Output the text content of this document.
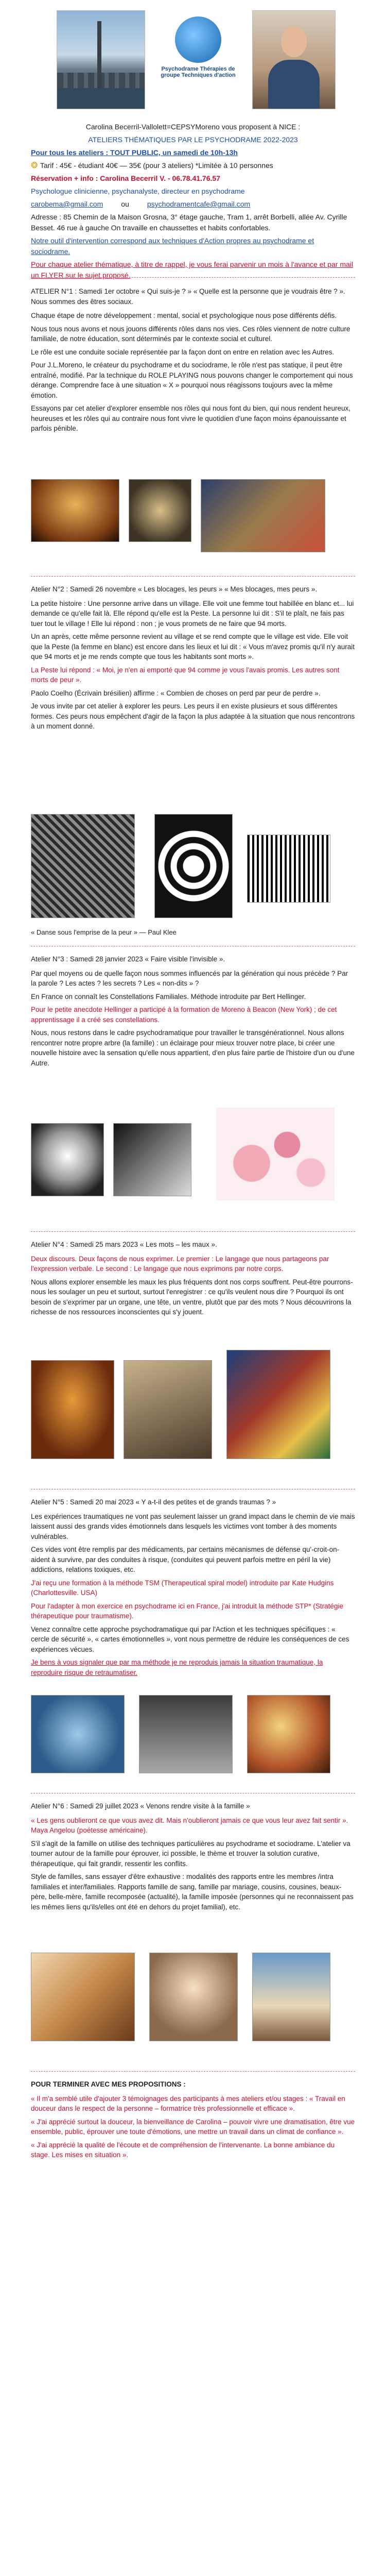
Psychodrame Thérapies de groupe Techniques d'action

Carolina Becerril-Vallolett=CEPSYMoreno vous proposent à NICE :

ATELIERS THÉMATIQUES PAR LE PSYCHODRAME 2022-2023

Pour tous les ateliers : TOUT PUBLIC, un samedi de 10h-13h

❂ Tarif : 45€ - étudiant 40€ — 35€ (pour 3 ateliers) *Limitée à 10 personnes

Réservation + info : Carolina Becerril V. - 06.78.41.76.57

Psychologue clinicienne, psychanalyste, directeur en psychodrame

carobema@gmail.com	ou	psychodramentcafe@gmail.com

Adresse : 85 Chemin de la Maison Grosna, 3° étage gauche, Tram 1, arrêt Borbelli, allée Av. Cyrille Besset. 46 rue à gauche On travaille en chaussettes et habits confortables.

Notre outil d'intervention correspond aux techniques d'Action propres au psychodrame et sociodrame.

Pour chaque atelier thématique, à titre de rappel, je vous ferai parvenir un mois à l'avance et par mail un FLYER sur le sujet proposé.

ATELIER N°1 : Samedi 1er octobre « Qui suis-je ? » « Quelle est la personne que je voudrais être ? ». Nous sommes des êtres sociaux.

Chaque étape de notre développement : mental, social et psychologique nous pose différents défis.

Nous tous nous avons et nous jouons différents rôles dans nos vies. Ces rôles viennent de notre culture familiale, de notre éducation, sont déterminés par le contexte social et culturel.

Le rôle est une conduite sociale représentée par la façon dont on entre en relation avec les Autres.

Pour J.L.Moreno, le créateur du psychodrame et du sociodrame, le rôle n'est pas statique, il peut être entraîné, modifié. Par la technique du ROLE PLAYING nous pouvons changer le comportement qui nous dérange. Comprendre face à une situation « X » pourquoi nous réagissons toujours avec la même émotion.

Essayons par cet atelier d'explorer ensemble nos rôles qui nous font du bien, qui nous rendent heureux, heureuses et les rôles qui au contraire nous font vivre le quotidien d'une façon moins épanouissante et parfois pénible.

Atelier N°2 : Samedi 26 novembre « Les blocages, les peurs » « Mes blocages, mes peurs ».

La petite histoire : Une personne arrive dans un village. Elle voit une femme tout habillée en blanc et... lui demande ce qu'elle fait là. Elle répond qu'elle est la Peste. La personne lui dit : S'il te plaît, ne fais pas tuer tout le village ! Elle lui répond : non ; je vous promets de ne faire que 94 morts.

Un an après, cette même personne revient au village et se rend compte que le village est vide. Elle voit que la Peste (la femme en blanc) est encore dans les lieux et lui dit : « Vous m'avez promis qu'il n'y aurait que 94 morts et je me rends compte que tous les habitants sont morts ».

La Peste lui répond : « Moi, je n'en ai emporté que 94 comme je vous l'avais promis. Les autres sont morts de peur ».

Paolo Coelho (Écrivain brésilien) affirme : « Combien de choses on perd par peur de perdre ».

Je vous invite par cet atelier à explorer les peurs. Les peurs il en existe plusieurs et sous différentes formes. Ces peurs nous empêchent d'agir de la façon la plus adaptée à la situation que nous rencontrons à un moment donné.

« Danse sous l'emprise de la peur » — Paul Klee

Atelier N°3 : Samedi 28 janvier 2023 « Faire visible l'invisible ».

Par quel moyens ou de quelle façon nous sommes influencés par la génération qui nous précède ? Par la parole ? Les actes ? les secrets ? Les « non-dits » ?

En France on connaît les Constellations Familiales. Méthode introduite par Bert Hellinger.

Pour le petite anecdote Hellinger a participé à la formation de Moreno à Beacon (New York) ; de cet apprentissage il a créé ses constellations.

Nous, nous restons dans le cadre psychodramatique pour travailler le transgénérationnel. Nous allons rencontrer notre propre arbre (la famille) : un éclairage pour mieux trouver notre place, bi créer une nouvelle histoire avec la sensation qu'elle nous appartient, d'en plus faire partie de l'histoire d'un ou d'une Autre.

Atelier N°4 : Samedi 25 mars 2023 « Les mots – les maux ».

Deux discours. Deux façons de nous exprimer. Le premier : Le langage que nous partageons par l'expression verbale. Le second : Le langage que nous exprimons par notre corps.

Nous allons explorer ensemble les maux les plus fréquents dont nos corps souffrent. Peut-être pourrons-nous les soulager un peu et surtout, surtout l'enregistrer : ce qu'ils veulent nous dire ? Pourquoi ils ont besoin de s'exprimer par un organe, une tête, un ventre, plutôt que par des mots ? Nous découvrirons la richesse de nos ressources inconscientes qui s'y jouent.

Atelier N°5 : Samedi 20 mai 2023 « Y a-t-il des petites et de grands traumas ? »

Les expériences traumatiques ne vont pas seulement laisser un grand impact dans le chemin de vie mais laissent aussi des grands vides émotionnels dans lesquels les victimes vont tomber à des moments vulnérables.

Ces vides vont être remplis par des médicaments, par certains mécanismes de défense qu'-croit-on- aident à survivre, par des conduites à risque, (conduites qui peuvent parfois mettre en péril la vie) addictions, relations toxiques, etc.

J'ai reçu une formation à la méthode TSM (Therapeutical spiral model) introduite par Kate Hudgins (Charlottesville. USA)

Pour l'adapter à mon exercice en psychodrame ici en France, j'ai introduit la méthode STP* (Stratégie thérapeutique pour traumatisme).

Venez connaître cette approche psychodramatique qui par l'Action et les techniques spécifiques : « cercle de sécurité », « cartes émotionnelles », vont nous permettre de réduire les conséquences de ces expériences vécues.

Je bens à vous signaler que par ma méthode je ne reproduis jamais la situation traumatique, la reproduire risque de retraumatiser.

Atelier N°6 : Samedi 29 juillet 2023 « Venons rendre visite à la famille »

« Les gens oublieront ce que vous avez dit. Mais n'oublieront jamais ce que vous leur avez fait sentir ». Maya Angelou (poétesse américaine).

S'il s'agit de la famille on utilise des techniques particulières au psychodrame et sociodrame. L'atelier va tourner autour de la famille pour éprouver, ici possible, le thème et trouver la solution curative, thérapeutique, qui fait grandir, ressentir les conflits.

Style de familles, sans essayer d'être exhaustive : modalités des rapports entre les membres /intra familiales et inter/familiales. Rapports famille de sang, famille par mariage, cousins, cousines, beaux-père, belle-mère, famille recomposée (actualité), la famille imposée (personnes qui ne reconnaissent pas les mêmes liens qu'ils/elles ont été en dehors du projet familial), etc.

POUR TERMINER AVEC MES PROPOSITIONS :

« Il m'a semblé utile d'ajouter 3 témoignages des participants à mes ateliers et/ou stages : « Travail en douceur dans le respect de la personne – formatrice très professionnelle et efficace ».

« J'ai apprécié surtout la douceur, la bienveillance de Carolina – pouvoir vivre une dramatisation, être vue ensemble, public, éprouver une toute d'émotions, une mettre un travail dans un climat de confiance ».

« J'ai apprécié la qualité de l'écoute et de compréhension de l'intervenante. La bonne ambiance du stage. Les mises en situation ».
